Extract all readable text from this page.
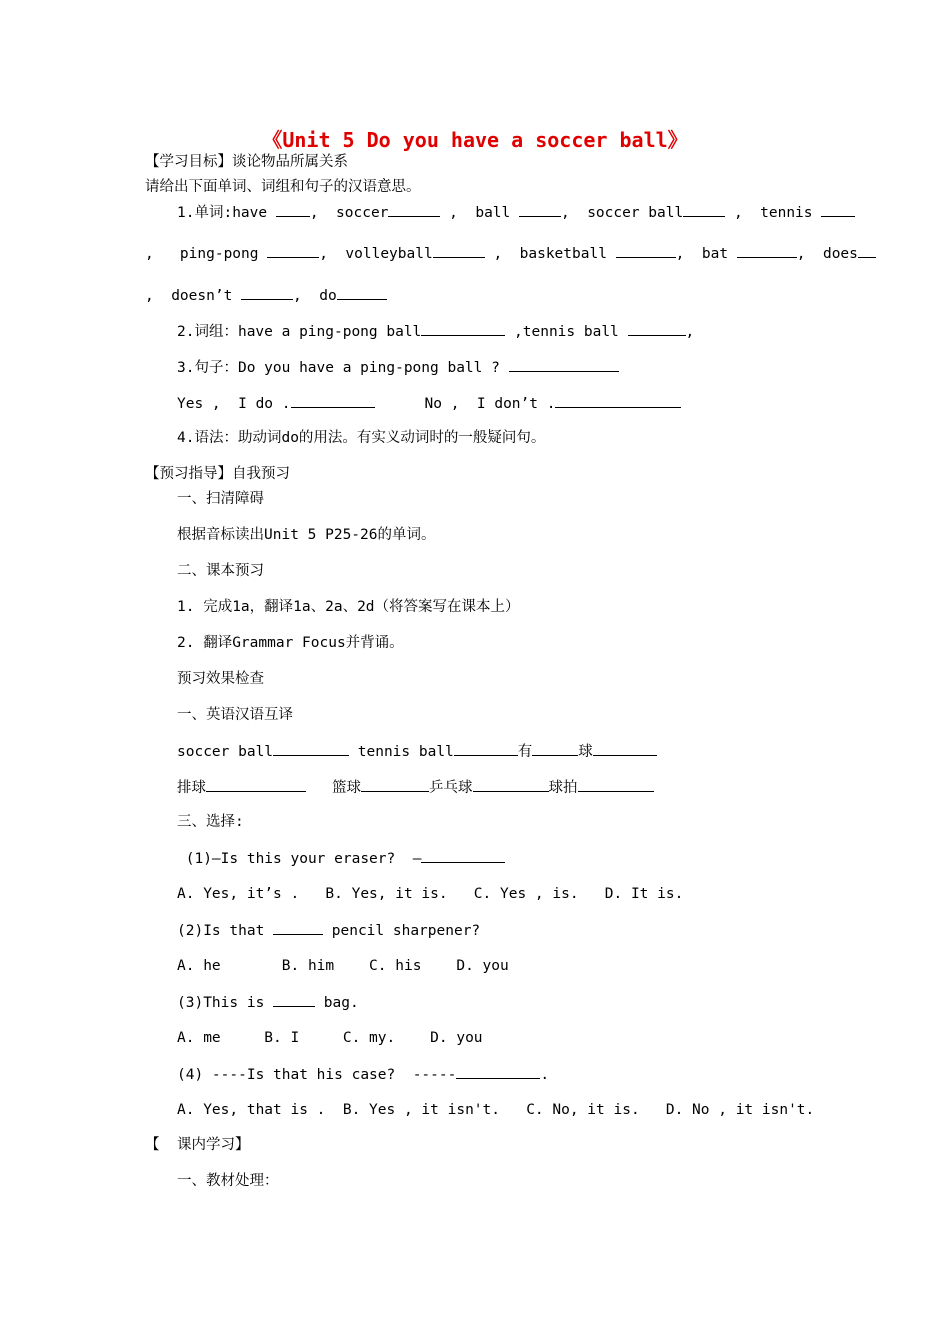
《Unit 5 Do you have a soccer ball》
【学习目标】谈论物品所属关系
请给出下面单词、词组和句子的汉语意思。
1.单词:have ,  soccer	,  ball	,  soccer ball	,  tennis
,   ping-pong	,  volleyball	,  basketball	,  bat	,  does
,  doesn’t	,  do
2.词组：have a ping-pong ball	,tennis ball	,
3.句子：Do you have a ping-pong ball ?
Yes ,  I do .	No ,  I don’t .
4.语法：助动词do的用法。有实义动词时的一般疑问句。
【预习指导】自我预习
一、扫清障碍
根据音标读出Unit 5 P25-26的单词。
二、课本预习
1. 完成1a，翻译1a、2a、2d（将答案写在课本上）
2. 翻译Grammar Focus并背诵。
预习效果检查
一、英语汉语互译
soccer ball	tennis ball	有	球
排球	篮球	乒乓球	球拍
三、选择:
(1)—Is this your eraser?  —
A. Yes, it’s .   B. Yes, it is.   C. Yes , is.   D. It is.
(2)Is that	pencil sharpener?
A. he       B. him    C. his    D. you
(3)This is	bag.
A. me     B. I     C. my.    D. you
(4) ----Is that his case?  -----	.
A. Yes, that is .  B. Yes , it isn't.   C. No, it is.   D. No , it isn't.
【  课内学习】
一、教材处理：
